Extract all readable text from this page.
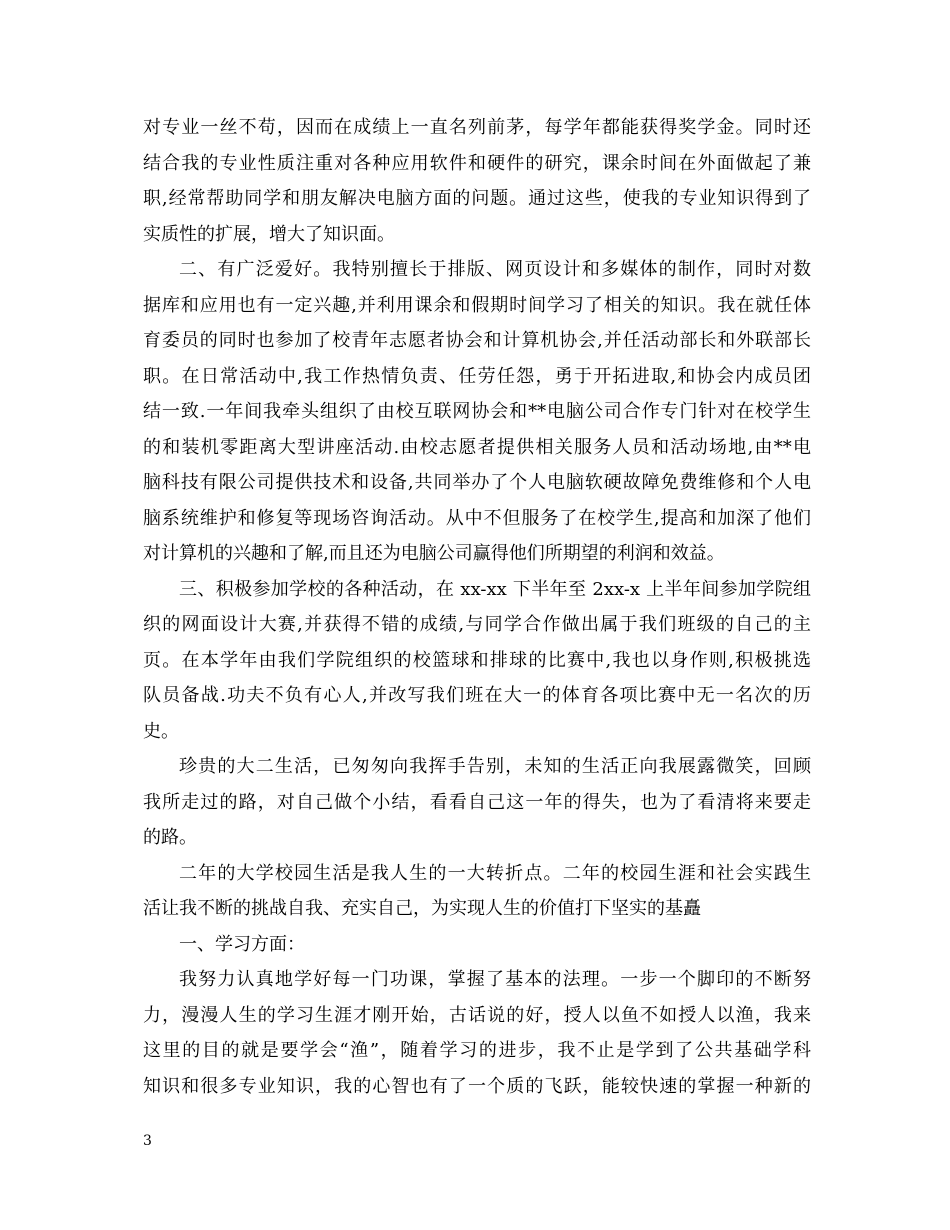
对专业一丝不苟，因而在成绩上一直名列前茅，每学年都能获得奖学金。同时还
结合我的专业性质注重对各种应用软件和硬件的研究，课余时间在外面做起了兼
职,经常帮助同学和朋友解决电脑方面的问题。通过这些，使我的专业知识得到了
实质性的扩展，增大了知识面。
二、有广泛爱好。我特别擅长于排版、网页设计和多媒体的制作，同时对数
据库和应用也有一定兴趣,并利用课余和假期时间学习了相关的知识。我在就任体
育委员的同时也参加了校青年志愿者协会和计算机协会,并任活动部长和外联部长
职。在日常活动中,我工作热情负责、任劳任怨，勇于开拓进取,和协会内成员团
结一致.一年间我牵头组织了由校互联网协会和**电脑公司合作专门针对在校学生
的和装机零距离大型讲座活动.由校志愿者提供相关服务人员和活动场地,由**电
脑科技有限公司提供技术和设备,共同举办了个人电脑软硬故障免费维修和个人电
脑系统维护和修复等现场咨询活动。从中不但服务了在校学生,提高和加深了他们
对计算机的兴趣和了解,而且还为电脑公司赢得他们所期望的利润和效益。
三、积极参加学校的各种活动，在 xx-xx 下半年至 2xx-x 上半年间参加学院组
织的网面设计大赛,并获得不错的成绩,与同学合作做出属于我们班级的自己的主
页。在本学年由我们学院组织的校篮球和排球的比赛中,我也以身作则,积极挑选
队员备战.功夫不负有心人,并改写我们班在大一的体育各项比赛中无一名次的历
史。
珍贵的大二生活，已匆匆向我挥手告别，未知的生活正向我展露微笑，回顾
我所走过的路，对自己做个小结，看看自己这一年的得失，也为了看清将来要走
的路。
二年的大学校园生活是我人生的一大转折点。二年的校园生涯和社会实践生
活让我不断的挑战自我、充实自己，为实现人生的价值打下坚实的基矗
一、学习方面：
我努力认真地学好每一门功课，掌握了基本的法理。一步一个脚印的不断努
力，漫漫人生的学习生涯才刚开始，古话说的好，授人以鱼不如授人以渔，我来
这里的目的就是要学会“渔”，随着学习的进步，我不止是学到了公共基础学科
知识和很多专业知识，我的心智也有了一个质的飞跃，能较快速的掌握一种新的
3
